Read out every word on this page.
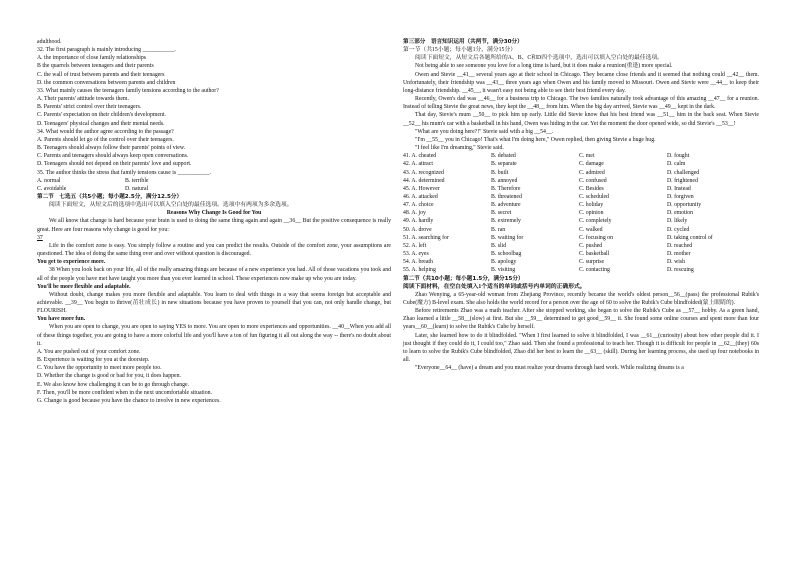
adulthood.
32. The first paragraph is mainly introducing ___________.
A. the importance of close family relationships
B the quarrels between teenagers and their parents
C. the wall of trust between parents and their teenagers
D. the common conversations between parents and children
33. What mainly causes the teenagers family tensions according to the author?
A. Their parents' attitude towards them.
B. Parents' strict control over their teenagers.
C. Parents' expectation on their children's development.
D. Teenagers' physical changes and their mental needs.
34. What would the author agree according to the passage?
A. Parents should let go of the control over their teenagers.
B. Teenagers should always follow their parents' points of view.
C. Parents and teenagers should always keep open conversations.
D. Teenagers should not depend on their parents' love and support.
35. The author thinks the stress that family tensions cause is ___________.
A. normal	B. terrible
C. avoidable	D. natural
第二节　七选五（共5小题；每小题2.5分，满分12.5分）
阅读下面短文，从短文后的选项中选出可以填入空白处的最佳选项。选项中有两项为多余选项。
Reasons Why Change Is Good for You
We all know that change is hard because your brain is used to doing the same thing again and again __36__ But the positive consequence is really great. Here are four reasons why change is good for you:
37
Life in the comfort zone is easy. You simply follow a routine and you can predict the results. Outside of the comfort zone, your assumptions are questioned. The idea of doing the same thing over and over without question is discouraged.
You get to experience more.
38 When you look back on your life, all of the really amazing things are because of a new experience you had. All of those vacations you took and all of the people you have met have taught you more than you ever learned in school. These experiences now make up who you are today.
You'll be more flexible and adaptable.
Without doubt, change makes you more flexible and adaptable. You learn to deal with things in a way that seems foreign but acceptable and achievable. __39__ You begin to thrive(茁壮成长) in new situations because you have proven to yourself that you can, not only handle change, but FLOURISH.
You have more fun.
When you are open to change, you are open to saying YES to more. You are open to more experiences and opportunities. __40__When you add all of these things together, you are going to have a more colorful life and you'll have a ton of fun figuring it all out along the way -- there's no doubt about it.
A. You are pushed out of your comfort zone.
B. Experience is waiting for you at the doorstep.
C. You have the opportunity to meet more people too.
D. Whether the change is good or bad for you, it does happen.
E. We also know how challenging it can be to go through change.
F. Then, you'll be more confident when in the next uncomfortable situation.
G. Change is good because you have the chance to involve in new experiences.
第三部分　语言知识运用（共两节，满分30分）
第一节（共15小题；每小题1分，满分15分）
阅读下面短文，从短文后各题所给的A、B、C和D四个选项中，选出可以填入空白处的最佳选项。
Not being able to see someone you love for a long time is hard, but it does make a reunion(重逢) more special.
Owen and Stevie __41__ several years ago at their school in Chicago. They became close friends and it seemed that nothing could __42__ them. Unfortunately, their friendship was __43__ three years ago when Owen and his family moved to Missouri. Owen and Stevie were __44__ to keep their long-distance friendship. __45__, it wasn't easy not being able to see their best friend every day.
Recently, Owen's dad was __46__ for a business trip to Chicago. The two families naturally took advantage of this amazing __47__ for a reunion. Instead of telling Stevie the great news, they kept the __48__ from him. When the big day arrived, Stevie was __49__ kept in the dark.
That day, Stevie's mum __50__ to pick him up early. Little did Stevie know that his best friend was __51__ him in the back seat. When Stevie __52__ his mum's car with a basketball in his hand, Owen was hiding in the car. Yet the moment the door opened wide, so did Stevie's __53__!
"What are you doing here?!" Stevie said with a big __54__.
"I'm __55__ you in Chicago! That's what I'm doing here," Owen replied, then giving Stevie a huge hug.
"I feel like I'm dreaming," Stevie said.
41. A. cheated	B. debated	C. met	D. fought
42. A. attract	B. separate	C. damage	D. calm
43. A. recognized	B. built	C. admired	D. challenged
44. A. determined	B. annoyed	C. confused	D. frightened
45. A. However	B. Therefore	C. Besides	D. Instead
46. A. attacked	B. threatened	C. scheduled	D. forgiven
47. A. choice	B. adventure	C. holiday	D. opportunity
48. A. joy	B. secret	C. opinion	D. emotion
49. A. hardly	B. extremely	C. completely	D. likely
50. A. drove	B. ran	C. walked	D. cycled
51. A. searching for	B. waiting for	C. focusing on	D. taking control of
52. A. left	B. slid	C. pushed	D. reached
53. A. eyes	B. schoolbag	C. basketball	D. mother
54. A. breath	B. apology	C. surprise	D. wish
55. A. helping	B. visiting	C. contacting	D. rescuing
第二节（共10小题；每小题1.5分，满分15分）
阅读下面材料，在空白处填入1个适当的单词或括号内单词的正确形式。
Zhao Wenying, a 65-year-old woman from Zhejiang Province, recently became the world's oldest person__56__(pass) the professional Rubik's Cube(魔方) B-level exam. She also holds the world record for a person over the age of 60 to solve the Rubik's Cube blindfolded(蒙上眼睛的).
Before retirements Zhao was a math teacher. After she stopped working, she began to solve the Rubik's Cube as __57__ hobby. As a green hand, Zhao learned a little __58__(slow) at first. But she __59__ determined to get good__59__ it. She found some online courses and spent more than four years__60__(learn) to solve the Rubik's Cube by herself.
Later, she learned how to do it blindfolded. "When I first learned to solve it blindfolded, I was __61__(curiosity) about how other people did it. I just thought if they could do it, I could too," Zhao said. Then she found a professional to teach her. Though it is difficult for people in __62__(they) 60s to learn to solve the Rubik's Cube blindfolded, Zhao did her best to learn the __63__ (skill). During her learning process, she used up four notebooks in all.
"Everyone__64__ (have) a dream and you must realize your dreams through hard work. While realizing dreams is a
